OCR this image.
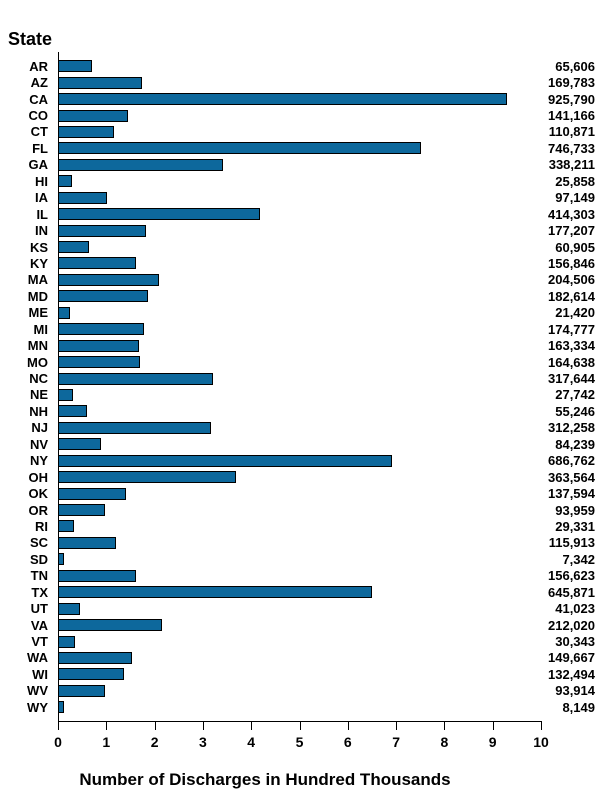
State
AR	65,606
AZ	169,783
CA	925,790
CO	141,166
CT	110,871
FL	746,733
GA	338,211
HI	25,858
IA	97,149
IL	414,303
IN	177,207
KS	60,905
KY	156,846
MA	204,506
MD	182,614
ME	21,420
MI	174,777
MN	163,334
MO	164,638
NC	317,644
NE	27,742
NH	55,246
NJ	312,258
NV	84,239
NY	686,762
OH	363,564
OK	137,594
OR	93,959
RI	29,331
SC	115,913
SD	7,342
TN	156,623
TX	645,871
UT	41,023
VA	212,020
VT	30,343
WA	149,667
WI	132,494
WV	93,914
WY	8,149
0	1	2	3	4	5	6	7	8	9	10
Number of Discharges in Hundred Thousands
